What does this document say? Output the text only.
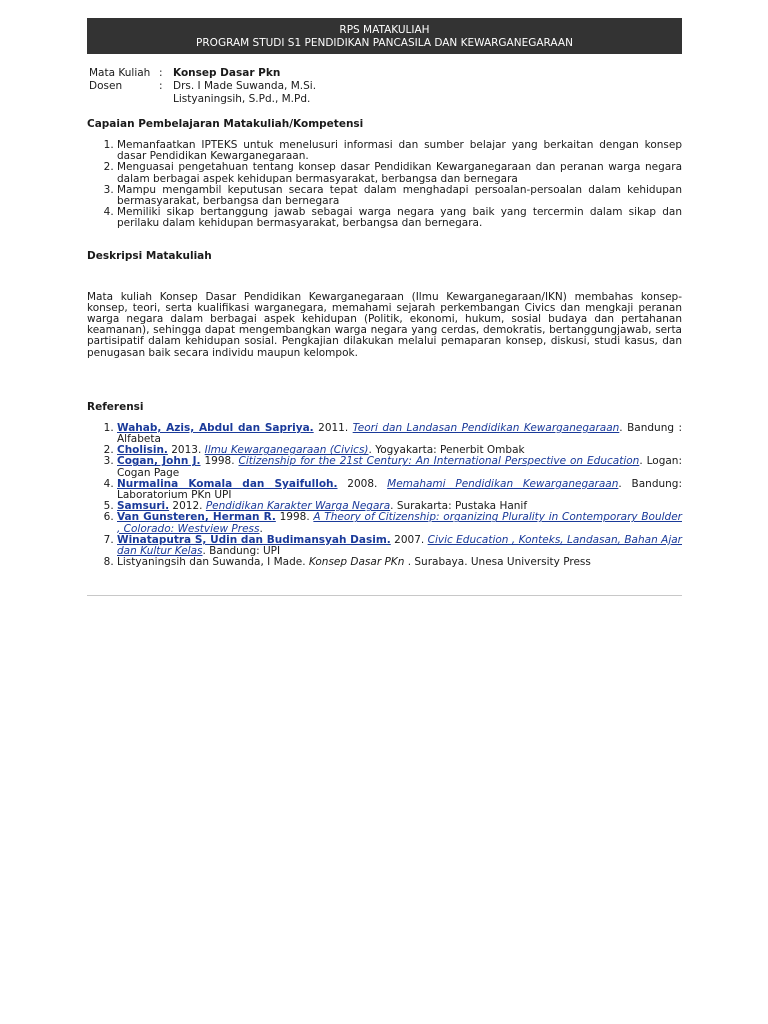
RPS MATAKULIAH
PROGRAM STUDI S1 PENDIDIKAN PANCASILA DAN KEWARGANEGARAAN
Mata Kuliah : Konsep Dasar Pkn
Dosen	: Drs. I Made Suwanda, M.Si.
Listyaningsih, S.Pd., M.Pd.
Capaian Pembelajaran Matakuliah/Kompetensi
1. Memanfaatkan IPTEKS untuk menelusuri informasi dan sumber belajar yang berkaitan dengan konsep dasar Pendidikan Kewarganegaraan.
2. Menguasai pengetahuan tentang konsep dasar Pendidikan Kewarganegaraan dan peranan warga negara dalam berbagai aspek kehidupan bermasyarakat, berbangsa dan bernegara
3. Mampu mengambil keputusan secara tepat dalam menghadapi persoalan-persoalan dalam kehidupan bermasyarakat, berbangsa dan bernegara
4. Memiliki sikap bertanggung jawab sebagai warga negara yang baik yang tercermin dalam sikap dan perilaku dalam kehidupan bermasyarakat, berbangsa dan bernegara.
Deskripsi Matakuliah
Mata kuliah Konsep Dasar Pendidikan Kewarganegaraan (Ilmu Kewarganegaraan/IKN) membahas konsep-konsep, teori, serta kualifikasi warganegara, memahami sejarah perkembangan Civics dan mengkaji peranan warga negara dalam berbagai aspek kehidupan (Politik, ekonomi, hukum, sosial budaya dan pertahanan keamanan), sehingga dapat mengembangkan warga negara yang cerdas, demokratis, bertanggungjawab, serta partisipatif dalam kehidupan sosial. Pengkajian dilakukan melalui pemaparan konsep, diskusi, studi kasus, dan penugasan baik secara individu maupun kelompok.
Referensi
1. Wahab, Azis, Abdul dan Sapriya. 2011. Teori dan Landasan Pendidikan Kewarganegaraan. Bandung : Alfabeta
2. Cholisin. 2013. Ilmu Kewarganegaraan (Civics). Yogyakarta: Penerbit Ombak
3. Cogan, John J. 1998. Citizenship for the 21st Century: An International Perspective on Education. Logan: Cogan Page
4. Nurmalina Komala dan Syaifulloh. 2008. Memahami Pendidikan Kewarganegaraan. Bandung: Laboratorium PKn UPI
5. Samsuri. 2012. Pendidikan Karakter Warga Negara. Surakarta: Pustaka Hanif
6. Van Gunsteren, Herman R. 1998. A Theory of Citizenship: organizing Plurality in Contemporary Boulder , Colorado: Westview Press.
7. Winataputra S, Udin dan Budimansyah Dasim. 2007. Civic Education , Konteks, Landasan, Bahan Ajar dan Kultur Kelas. Bandung: UPI
8. Listyaningsih dan Suwanda, I Made. Konsep Dasar PKn . Surabaya. Unesa University Press
